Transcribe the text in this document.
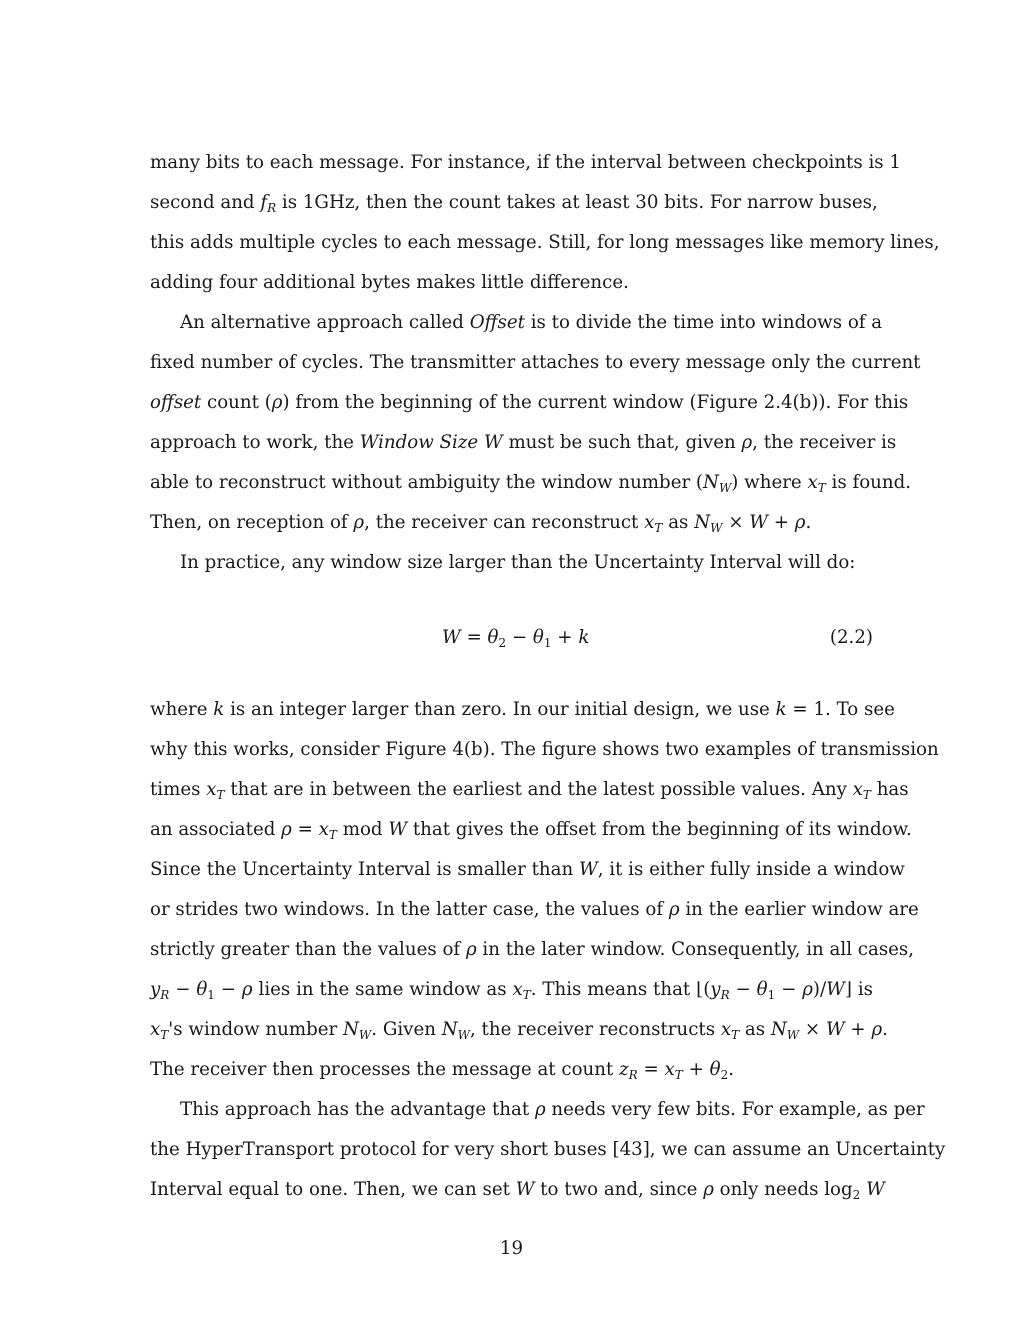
many bits to each message. For instance, if the interval between checkpoints is 1
second and $f_R$ is 1GHz, then the count takes at least 30 bits. For narrow buses,
this adds multiple cycles to each message. Still, for long messages like memory lines,
adding four additional bytes makes little difference.
An alternative approach called Offset is to divide the time into windows of a
fixed number of cycles. The transmitter attaches to every message only the current
offset count (ρ) from the beginning of the current window (Figure 2.4(b)). For this
approach to work, the Window Size W must be such that, given ρ, the receiver is
able to reconstruct without ambiguity the window number $(N_W)$ where $x_T$ is found.
Then, on reception of ρ, the receiver can reconstruct $x_T$ as $N_W \times W + \rho$.
In practice, any window size larger than the Uncertainty Interval will do:
$W = \theta_2 - \theta_1 + k$	(2.2)
where k is an integer larger than zero. In our initial design, we use k = 1. To see
why this works, consider Figure 4(b). The figure shows two examples of transmission
times $x_T$ that are in between the earliest and the latest possible values. Any $x_T$ has
an associated $\rho = x_T$ mod W that gives the offset from the beginning of its window.
Since the Uncertainty Interval is smaller than W, it is either fully inside a window
or strides two windows. In the latter case, the values of ρ in the earlier window are
strictly greater than the values of ρ in the later window. Consequently, in all cases,
$y_R - \theta_1 - \rho$ lies in the same window as $x_T$. This means that $⌊(y_R - \theta_1$ − ρ)/W⌋ is
$x_T's$ window number $N_W$. Given $N_W$, the receiver reconstructs $x_T$ as $N_W \times W + \rho$.
The receiver then processes the message at count $z_R = x_T + \theta_2$.
This approach has the advantage that ρ needs very few bits. For example, as per
the HyperTransport protocol for very short buses [43], we can assume an Uncertainty
Interval equal to one. Then, we can set W to two and, since ρ only needs $\log_2 W$
19
